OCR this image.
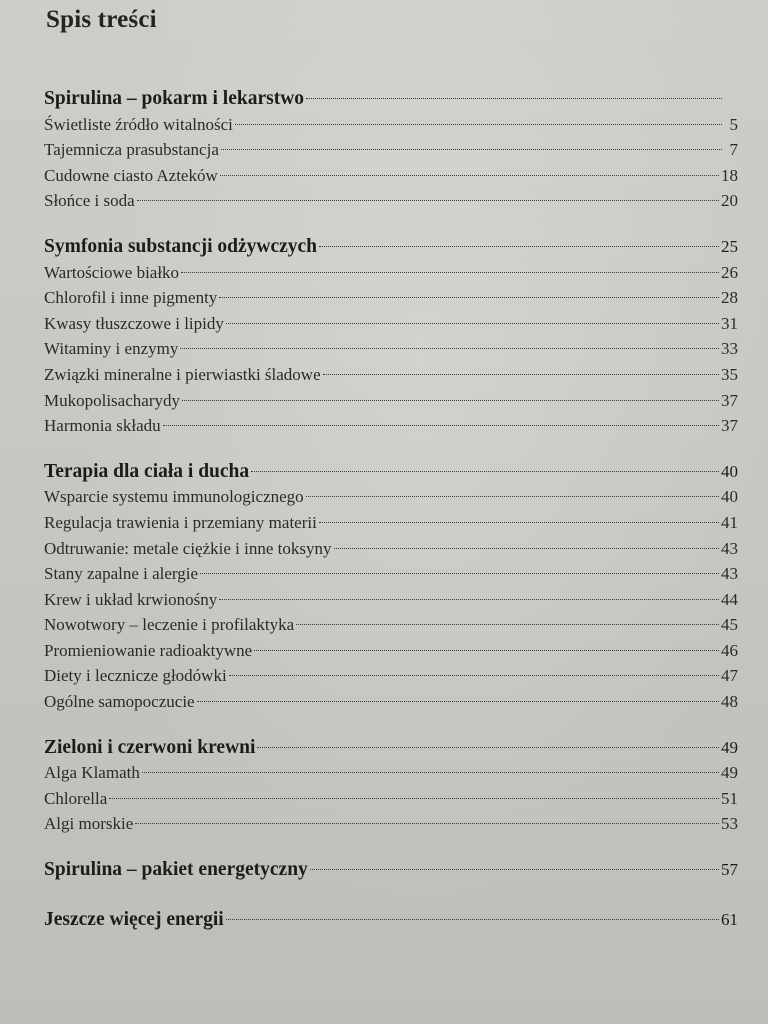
Spis treści
Spirulina – pokarm i lekarstwo
Świetliste źródło witalności	5
Tajemnicza prasubstancja	7
Cudowne ciasto Azteków	18
Słońce i soda	20
Symfonia substancji odżywczych	25
Wartościowe białko	26
Chlorofil i inne pigmenty	28
Kwasy tłuszczowe i lipidy	31
Witaminy i enzymy	33
Związki mineralne i pierwiastki śladowe	35
Mukopolisacharydy	37
Harmonia składu	37
Terapia dla ciała i ducha	40
Wsparcie systemu immunologicznego	40
Regulacja trawienia i przemiany materii	41
Odtruwanie: metale ciężkie i inne toksyny	43
Stany zapalne i alergie	43
Krew i układ krwionośny	44
Nowotwory – leczenie i profilaktyka	45
Promieniowanie radioaktywne	46
Diety i lecznicze głodówki	47
Ogólne samopoczucie	48
Zieloni i czerwoni krewni	49
Alga Klamath	49
Chlorella	51
Algi morskie	53
Spirulina – pakiet energetyczny	57
Jeszcze więcej energii	61
